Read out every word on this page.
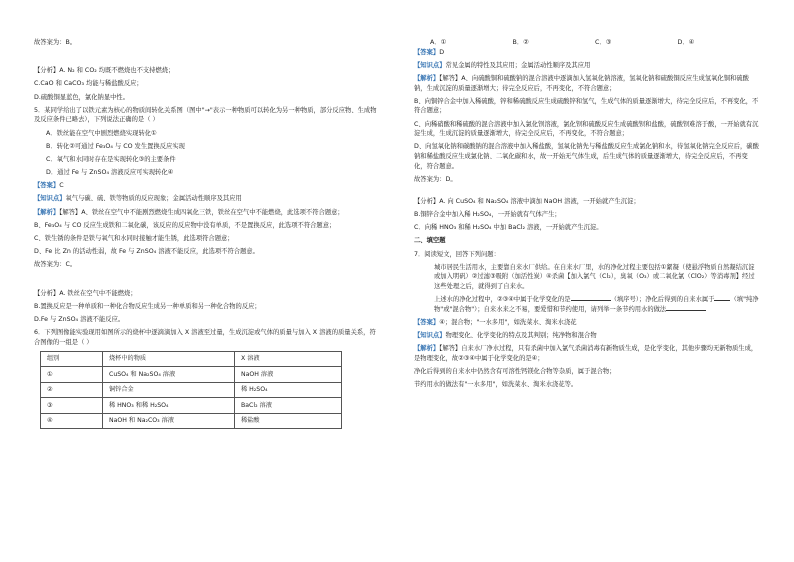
故答案为：B。

【分析】A. N₂ 和 CO₂ 均既不燃烧也不支持燃烧；

C.CaO 和 CaCO₃ 均能与稀盐酸反应；

D.硫酸铜显蓝色，氯化钠显中性。

5．某同学给出了以铁元素为核心的物质间转化关系图（图中"→"表示一种物质可以转化为另一种物质，部分反应物、生成物及反应条件已略去），下列说法正确的是（ ）

A．铁丝能在空气中剧烈燃烧实现转化①

B．转化②可通过 Fe₃O₄ 与 CO 发生置换反应实现

C．氧气和水同时存在是实现转化③的主要条件

D．通过 Fe 与 ZnSO₄ 溶液反应可实现转化④

【答案】C

【知识点】氧气与碳、硫、铁等物质的反应现象；金属活动性顺序及其应用

【解析】【解答】A、铁丝在空气中不能剧烈燃烧生成四氧化三铁，铁丝在空气中不能燃烧，此选项不符合题意；

B、Fe₃O₄ 与 CO 反应生成铁和二氧化碳，该反应的反应物中没有单质，不是置换反应，此选项不符合题意；

C、铁生锈的条件是铁与氧气和水同时接触才能生锈，此选项符合题意；

D、Fe 比 Zn 的活动性弱，故 Fe 与 ZnSO₄ 溶液不能反应，此选项不符合题意。

故答案为：C。

【分析】A. 铁丝在空气中不能燃烧；

B.置换反应是一种单质和一种化合物反应生成另一种单质和另一种化合物的反应；

D.Fe 与 ZnSO₄ 溶液不能反应。

6．下列图像能实验现用如图所示的烧杯中逐滴滴加入 X 溶液至过量，生成沉淀或气体的质量与加入 X 溶液的质量关系，符合图像的一组是（ ）

组别	烧杯中的物质	X 溶液
①	CuSO₄ 和 Na₂SO₄ 溶液	NaOH 溶液
②	铜锌合金	稀 H₂SO₄
③	稀 HNO₃ 和稀 H₂SO₄	BaCl₂ 溶液
④	NaOH 和 Na₂CO₃ 溶液	稀盐酸
A．①	B．②	C．③	D．④

【答案】D

【知识点】常见金属的特性及其应用；金属活动性顺序及其应用

【解析】【解答】A、向硫酸铜和硫酸钠的混合溶液中逐滴加入氢氧化钠溶液，氢氧化钠和硫酸铜反应生成氢氧化铜和硫酸钠，生成沉淀的质量逐渐增大；待完全反应后，不再变化，不符合题意；

B、向铜锌合金中加入稀硫酸，锌和稀硫酸反应生成硫酸锌和氢气，生成气体的质量逐渐增大，待完全反应后，不再变化，不符合题意；

C、向稀硝酸和稀硫酸的混合溶液中加入氯化钡溶液，氯化钡和硫酸反应生成硫酸钡和盐酸，硫酸钡难溶于酸，一开始就有沉淀生成，生成沉淀的质量逐渐增大，待完全反应后，不再变化，不符合题意；

D、向氢氧化钠和碳酸钠的混合溶液中加入稀盐酸，氢氧化钠先与稀盐酸反应生成氯化钠和水，待氢氧化钠完全反应后，碳酸钠和稀盐酸反应生成氯化钠、二氧化碳和水，故一开始无气体生成，后生成气体的质量逐渐增大，待完全反应后，不再变化，符合题意。

故答案为：D。

【分析】A. 向 CuSO₄ 和 Na₂SO₄ 溶液中滴加 NaOH 溶液，一开始就产生沉淀；

B.铜锌合金中加入稀 H₂SO₄，一开始就有气体产生；

C．向稀 HNO₃ 和稀 H₂SO₄ 中加 BaCl₂ 溶液，一开始就产生沉淀。

二、填空题

7．阅读短文，回答下列问题：

城市居民生活用水，主要靠自来水厂供给。在自来水厂里，水的净化过程主要包括①絮凝（使悬浮物质自然凝结沉淀或加入明矾）②过滤③吸附（加活性炭）④杀菌【加入氯气（Cl₂），臭氧（O₃）或二氧化氯（ClO₂）等消毒剂】经过这些处理之后，就得到了自来水。

上述水的净化过程中，②③④中属于化学变化的是	（填序号）；净化后得到的自来水属于	（填"纯净物"或"混合物"）；自来水来之不易，要爱惜和节约使用，请列举一条节约用水的做法

【答案】④；混合物；"一水多用"，如洗菜水、淘米水浇花

【知识点】物理变化、化学变化的特点及其判别；纯净物和混合物

【解析】【解答】自来水厂净水过程，只有杀菌中加入氯气杀菌消毒有新物质生成，是化学变化，其他步骤均无新物质生成，是物理变化，故②③④中属于化学变化的是④；

净化后得到的自来水中仍然含有可溶性钙镁化合物等杂质，属于混合物；

节约用水的做法有"一水多用"，如洗菜水、淘米水浇花等。
